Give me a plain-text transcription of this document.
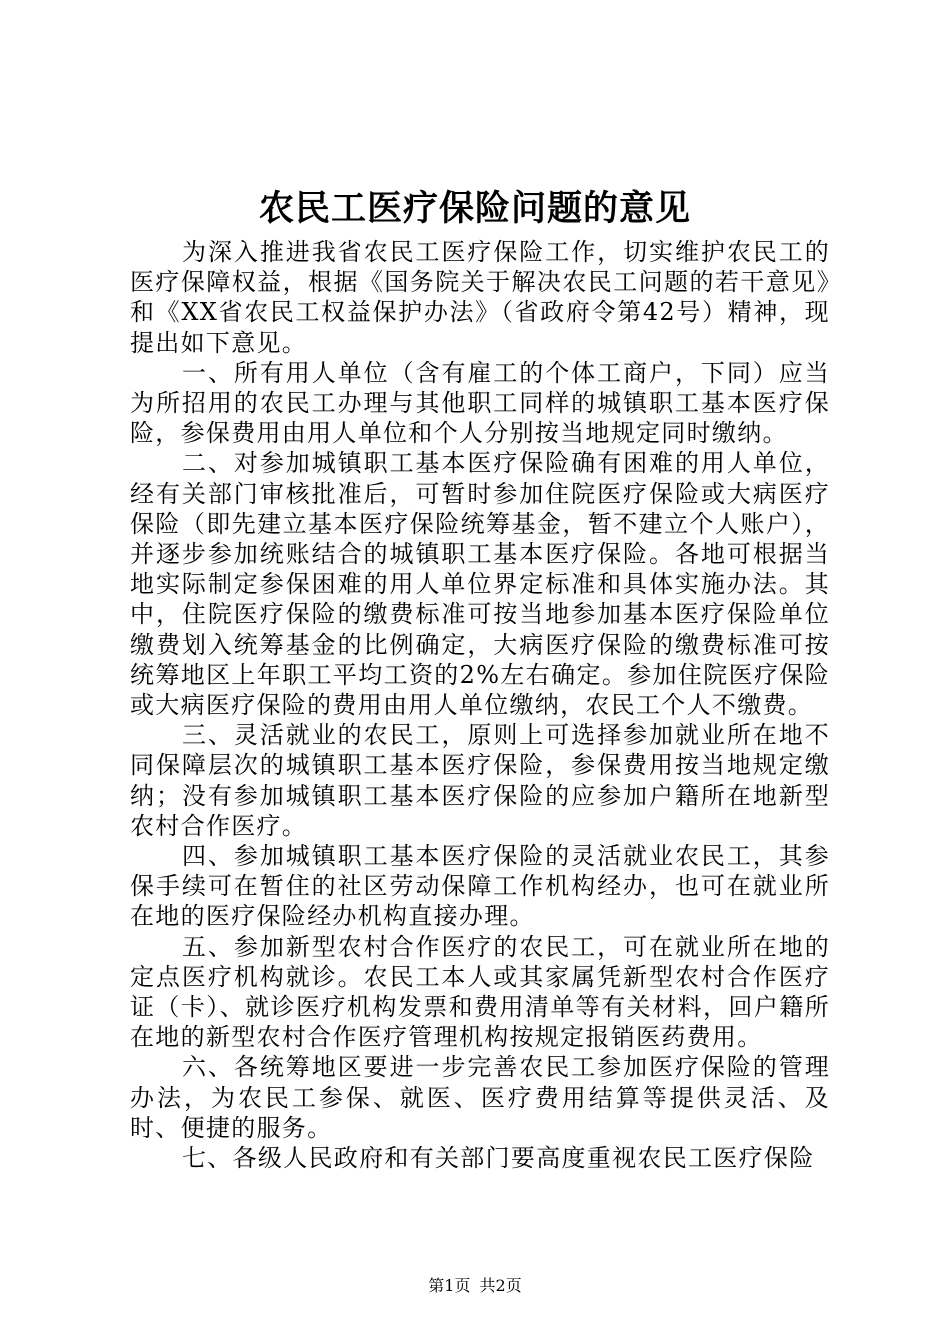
农民工医疗保险问题的意见

为深入推进我省农民工医疗保险工作，切实维护农民工的医疗保障权益，根据《国务院关于解决农民工问题的若干意见》和《XX省农民工权益保护办法》（省政府令第42号）精神，现提出如下意见。

一、所有用人单位（含有雇工的个体工商户，下同）应当为所招用的农民工办理与其他职工同样的城镇职工基本医疗保险，参保费用由用人单位和个人分别按当地规定同时缴纳。

二、对参加城镇职工基本医疗保险确有困难的用人单位，经有关部门审核批准后，可暂时参加住院医疗保险或大病医疗保险（即先建立基本医疗保险统筹基金，暂不建立个人账户），并逐步参加统账结合的城镇职工基本医疗保险。各地可根据当地实际制定参保困难的用人单位界定标准和具体实施办法。其中，住院医疗保险的缴费标准可按当地参加基本医疗保险单位缴费划入统筹基金的比例确定，大病医疗保险的缴费标准可按统筹地区上年职工平均工资的2%左右确定。参加住院医疗保险或大病医疗保险的费用由用人单位缴纳，农民工个人不缴费。

三、灵活就业的农民工，原则上可选择参加就业所在地不同保障层次的城镇职工基本医疗保险，参保费用按当地规定缴纳；没有参加城镇职工基本医疗保险的应参加户籍所在地新型农村合作医疗。

四、参加城镇职工基本医疗保险的灵活就业农民工，其参保手续可在暂住的社区劳动保障工作机构经办，也可在就业所在地的医疗保险经办机构直接办理。

五、参加新型农村合作医疗的农民工，可在就业所在地的定点医疗机构就诊。农民工本人或其家属凭新型农村合作医疗证（卡）、就诊医疗机构发票和费用清单等有关材料，回户籍所在地的新型农村合作医疗管理机构按规定报销医药费用。

六、各统筹地区要进一步完善农民工参加医疗保险的管理办法，为农民工参保、就医、医疗费用结算等提供灵活、及时、便捷的服务。

七、各级人民政府和有关部门要高度重视农民工医疗保险

第1页 共2页
